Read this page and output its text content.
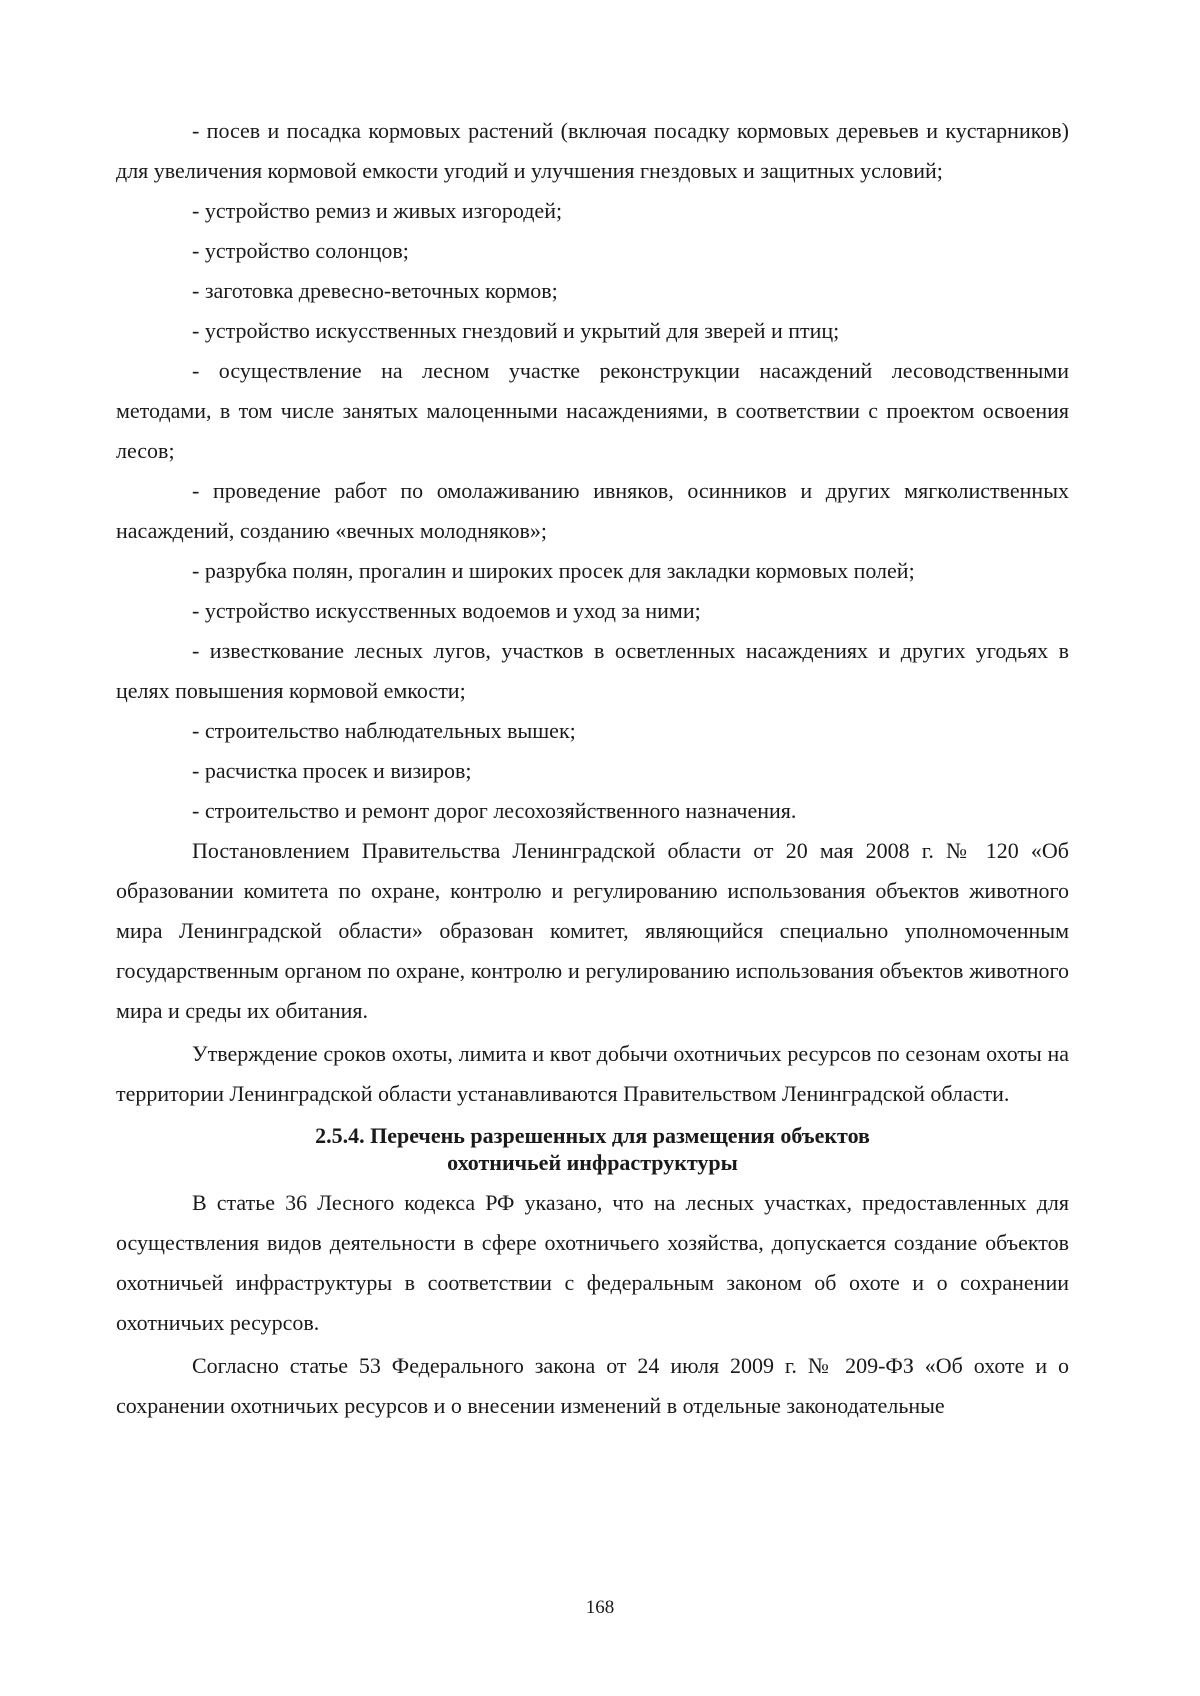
- посев и посадка кормовых растений (включая посадку кормовых деревьев и кустарников) для увеличения кормовой емкости угодий и улучшения гнездовых и защитных условий;

- устройство ремиз и живых изгородей;

- устройство солонцов;

- заготовка древесно-веточных кормов;

- устройство искусственных гнездовий и укрытий для зверей и птиц;

- осуществление на лесном участке реконструкции насаждений лесоводственными методами, в том числе занятых малоценными насаждениями, в соответствии с проектом освоения лесов;

- проведение работ по омолаживанию ивняков, осинников и других мягколиственных насаждений, созданию «вечных молодняков»;

- разрубка полян, прогалин и широких просек для закладки кормовых полей;

- устройство искусственных водоемов и уход за ними;

- известкование лесных лугов, участков в осветленных насаждениях и других угодьях в целях повышения кормовой емкости;

- строительство наблюдательных вышек;

- расчистка просек и визиров;

- строительство и ремонт дорог лесохозяйственного назначения.

Постановлением Правительства Ленинградской области от 20 мая 2008 г. № 120 «Об образовании комитета по охране, контролю и регулированию использования объектов животного мира Ленинградской области» образован комитет, являющийся специально уполномоченным государственным органом по охране, контролю и регулированию использования объектов животного мира и среды их обитания.

Утверждение сроков охоты, лимита и квот добычи охотничьих ресурсов по сезонам охоты на территории Ленинградской области устанавливаются Правительством Ленинградской области.

2.5.4. Перечень разрешенных для размещения объектов
охотничьей инфраструктуры

В статье 36 Лесного кодекса РФ указано, что на лесных участках, предоставленных для осуществления видов деятельности в сфере охотничьего хозяйства, допускается создание объектов охотничьей инфраструктуры в соответствии с федеральным законом об охоте и о сохранении охотничьих ресурсов.

Согласно статье 53 Федерального закона от 24 июля 2009 г. № 209-ФЗ «Об охоте и о сохранении охотничьих ресурсов и о внесении изменений в отдельные законодательные

168
